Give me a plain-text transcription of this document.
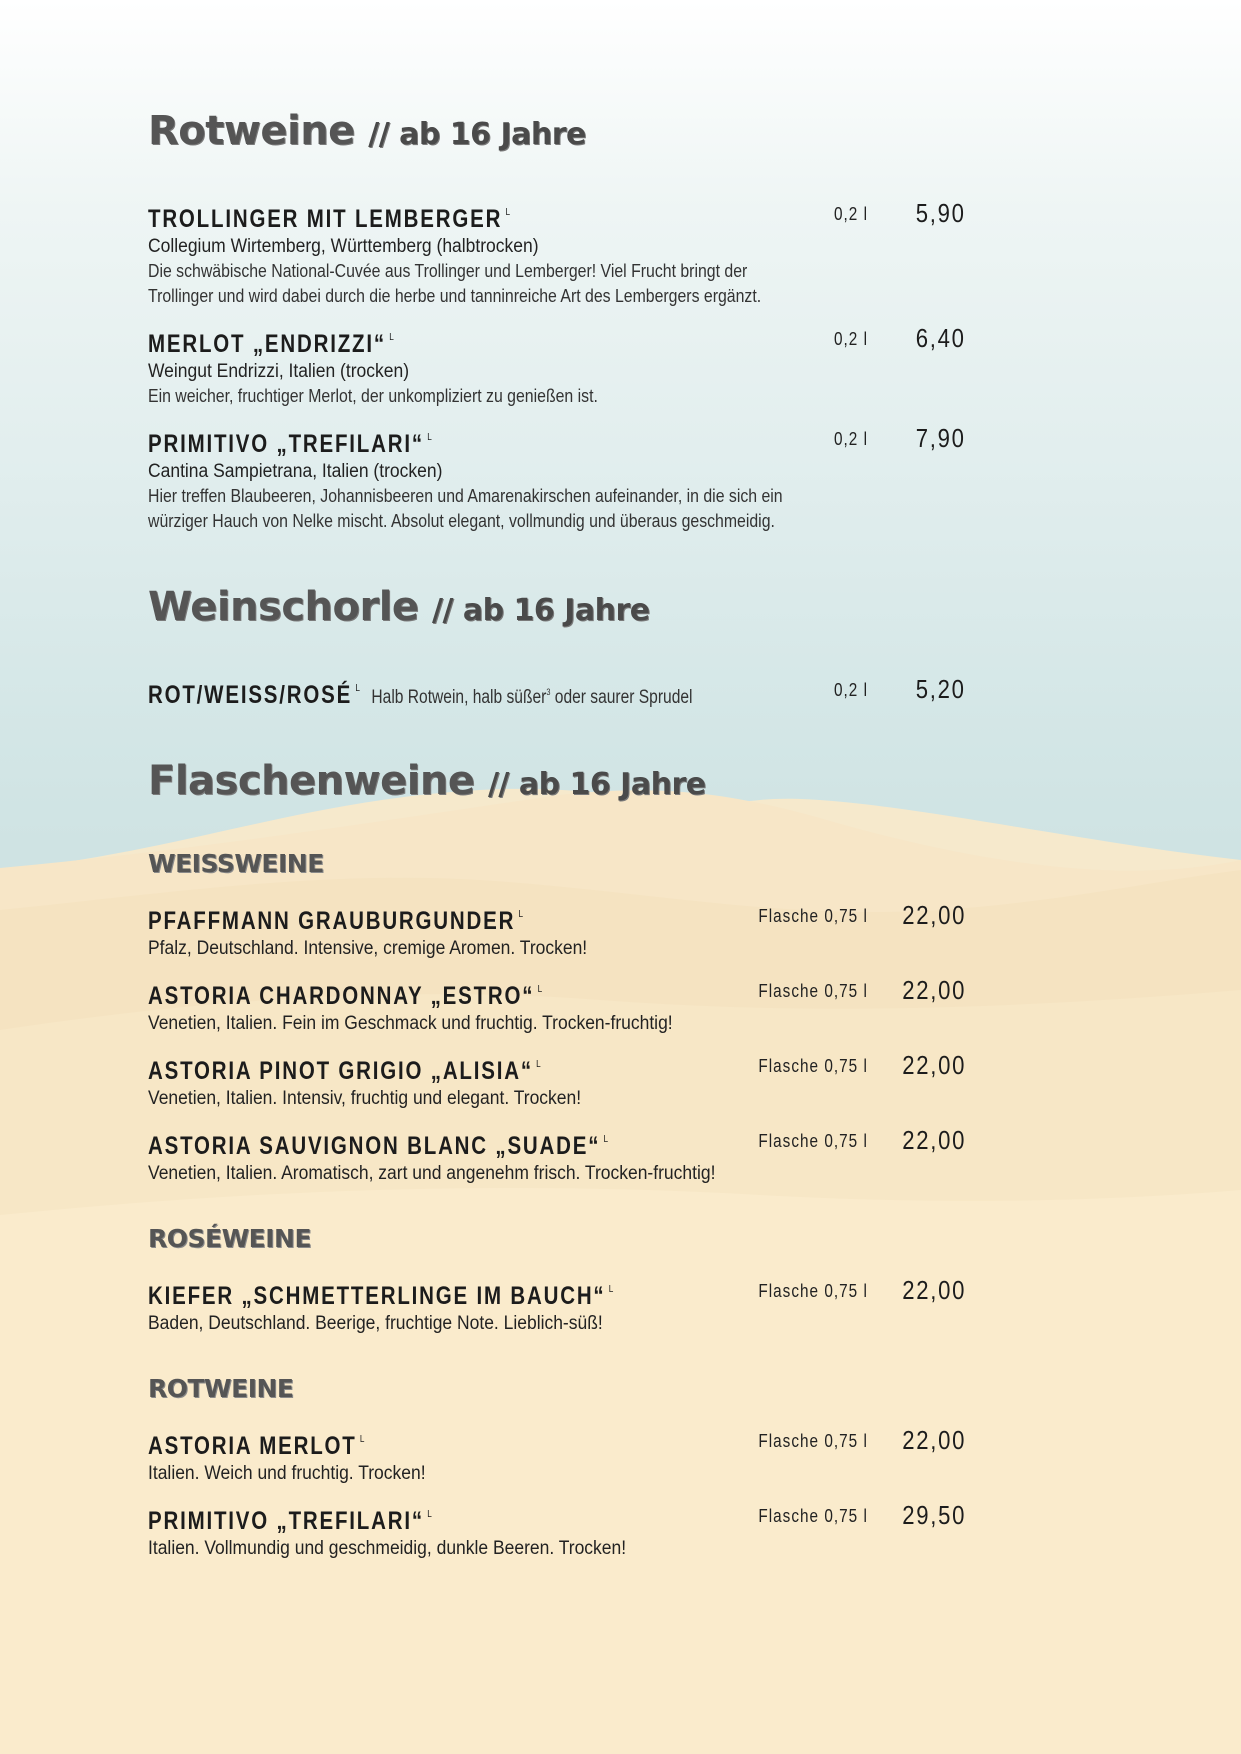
Rotweine // ab 16 Jahre
TROLLINGER MIT LEMBERGER $^L$
Collegium Wirtemberg, Württemberg (halbtrocken)
Die schwäbische National-Cuvée aus Trollinger und Lemberger! Viel Frucht bringt der
Trollinger und wird dabei durch die herbe und tanninreiche Art des Lembergers ergänzt.
0,2 l 5,90
MERLOT „ENDRIZZI“ $^L$
Weingut Endrizzi, Italien (trocken)
Ein weicher, fruchtiger Merlot, der unkompliziert zu genießen ist.
0,2 l 6,40
PRIMITIVO „TREFILARI“ $^L$
Cantina Sampietrana, Italien (trocken)
Hier treffen Blaubeeren, Johannisbeeren und Amarenakirschen aufeinander, in die sich ein
würziger Hauch von Nelke mischt. Absolut elegant, vollmundig und überaus geschmeidig.
0,2 l 7,90
Weinschorle // ab 16 Jahre
ROT/WEISS/ROSÉ $^L$ Halb Rotwein, halb süßer$^3$ oder saurer Sprudel	0,2 l 5,20
Flaschenweine // ab 16 Jahre
WEISSWEINE
PFAFFMANN GRAUBURGUNDER $^L$
Pfalz, Deutschland. Intensive, cremige Aromen. Trocken!
Flasche 0,75 l 22,00
ASTORIA CHARDONNAY „ESTRO“ $^L$
Venetien, Italien. Fein im Geschmack und fruchtig. Trocken-fruchtig!
Flasche 0,75 l 22,00
ASTORIA PINOT GRIGIO „ALISIA“ $^L$
Venetien, Italien. Intensiv, fruchtig und elegant. Trocken!
Flasche 0,75 l 22,00
ASTORIA SAUVIGNON BLANC „SUADE“ $^L$
Venetien, Italien. Aromatisch, zart und angenehm frisch. Trocken-fruchtig!
Flasche 0,75 l 22,00
ROSÉWEINE
KIEFER „SCHMETTERLINGE IM BAUCH“ $^L$
Baden, Deutschland. Beerige, fruchtige Note. Lieblich-süß!
Flasche 0,75 l 22,00
ROTWEINE
ASTORIA MERLOT $^L$
Italien. Weich und fruchtig. Trocken!
Flasche 0,75 l 22,00
PRIMITIVO „TREFILARI“ $^L$
Italien. Vollmundig und geschmeidig, dunkle Beeren. Trocken!
Flasche 0,75 l 29,50
